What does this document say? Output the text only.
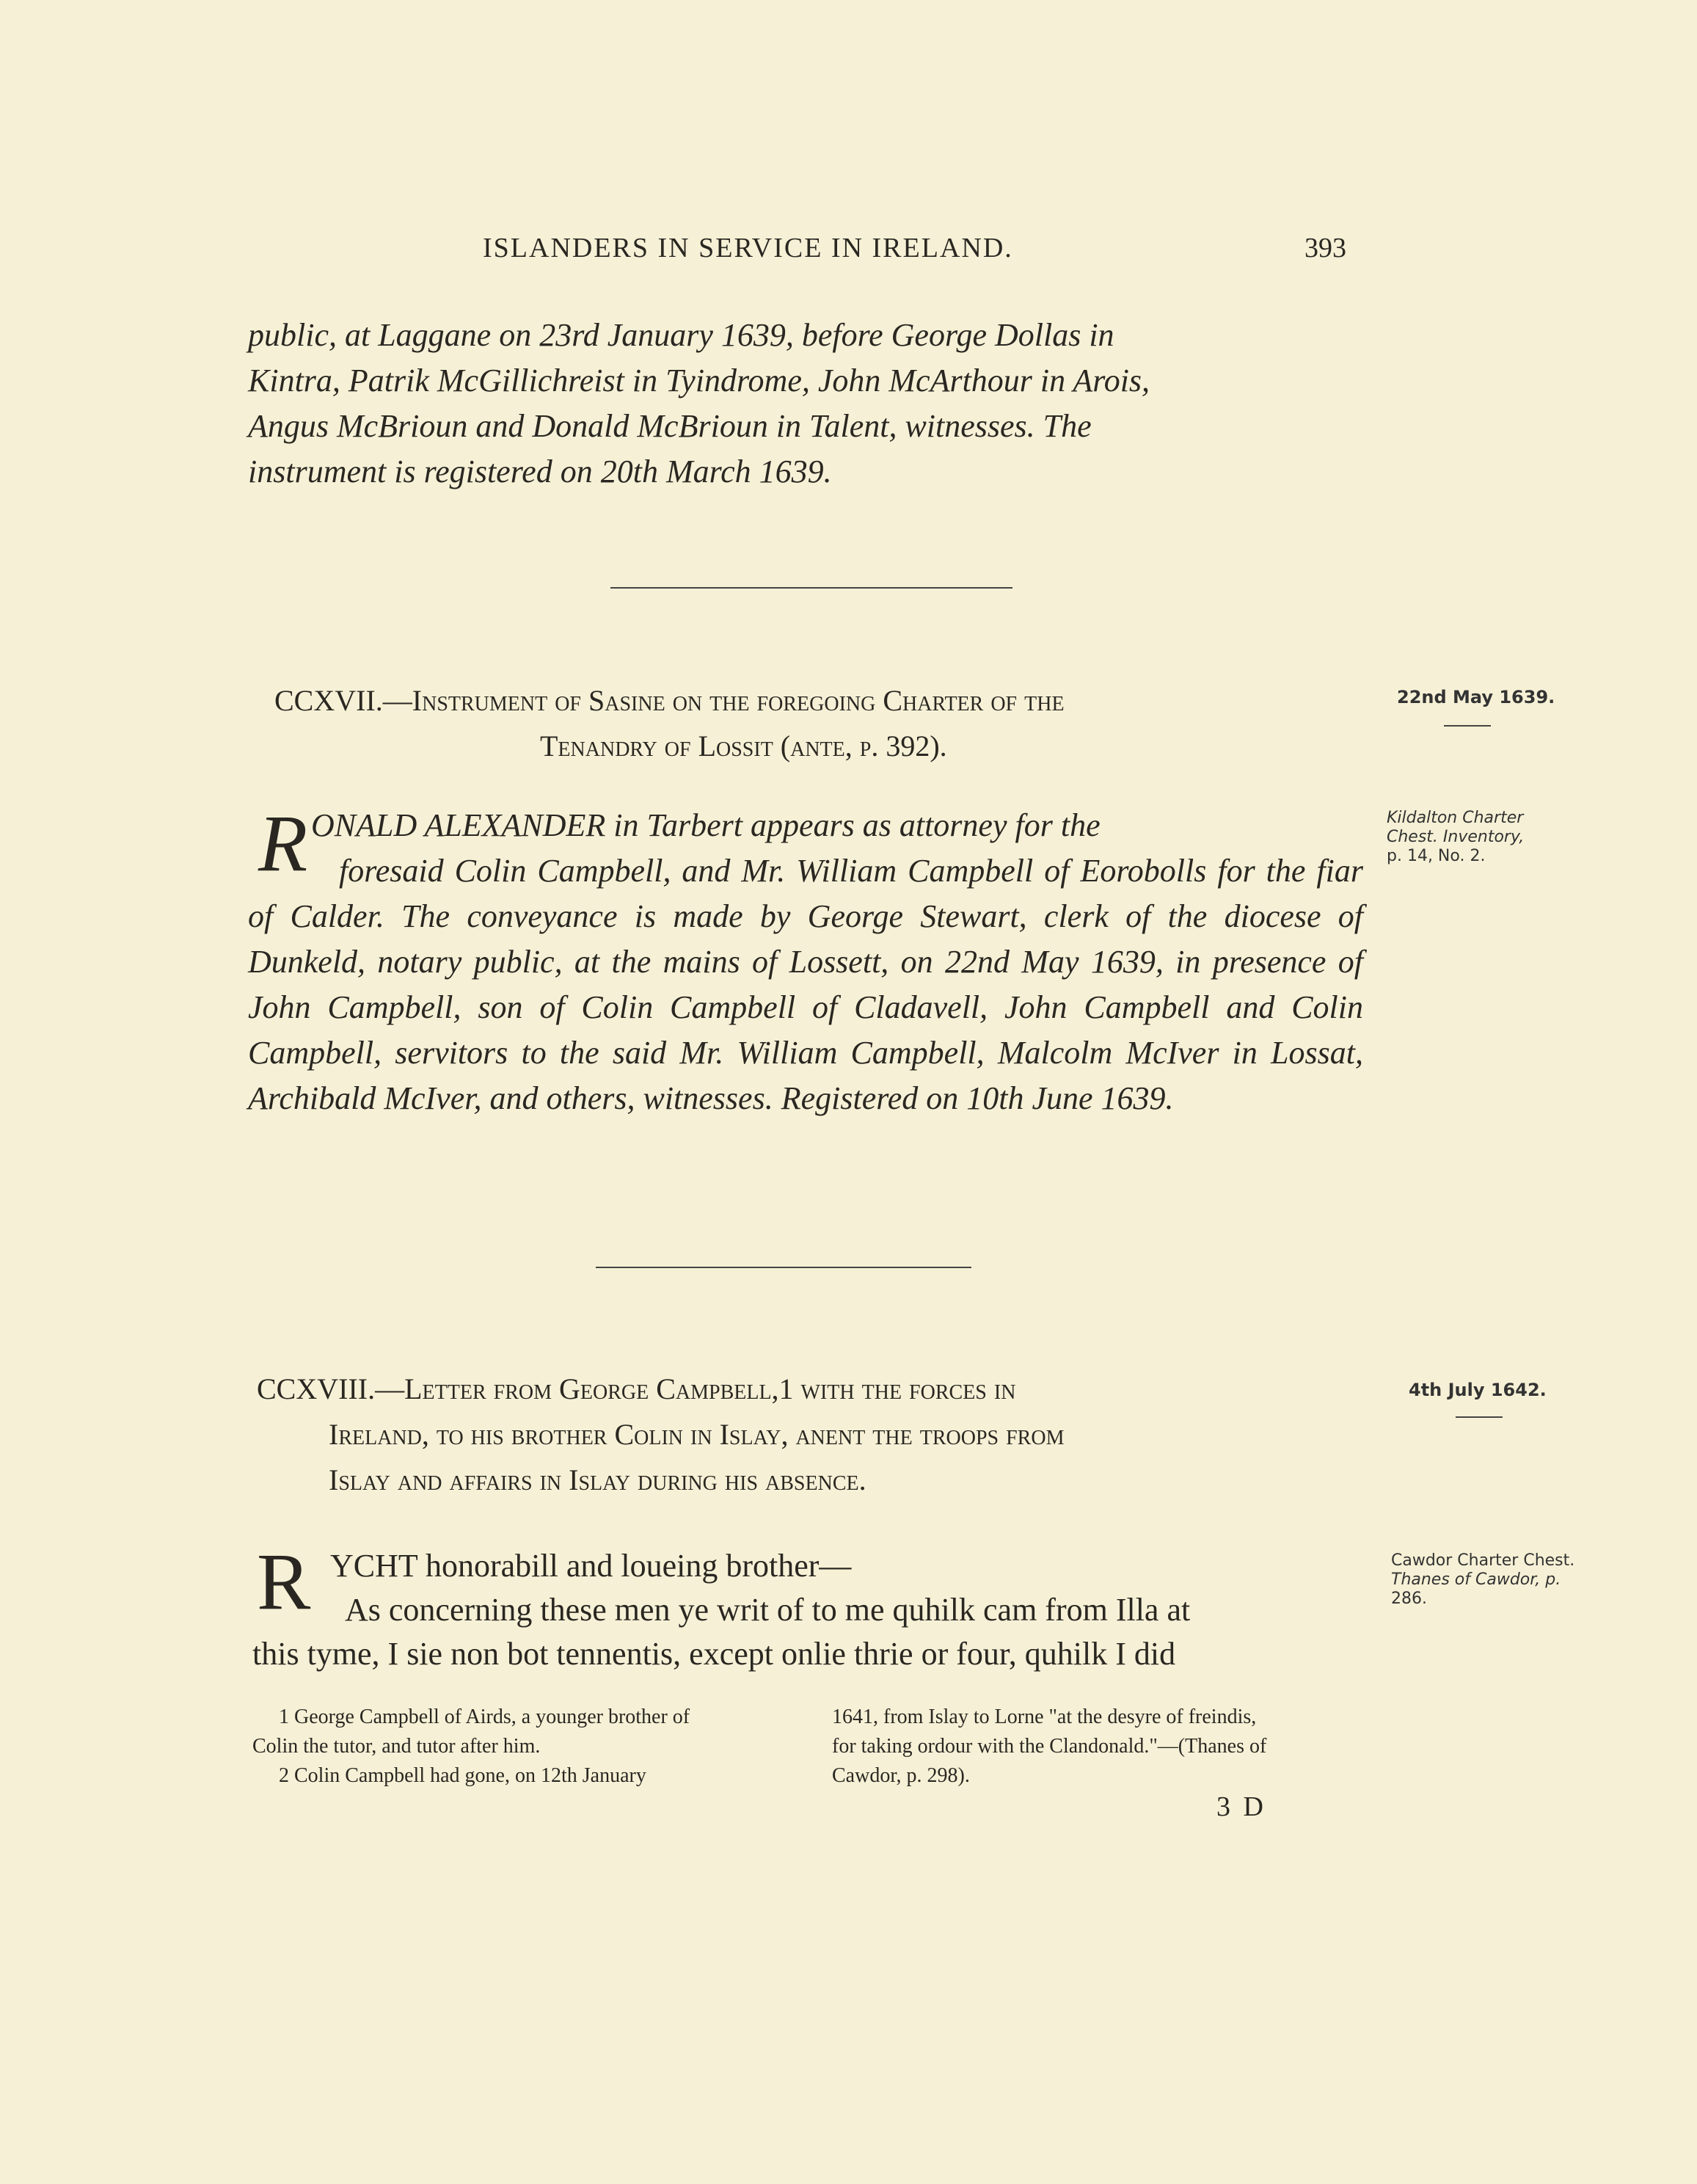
ISLANDERS IN SERVICE IN IRELAND.	393
public, at Laggane on 23rd January 1639, before George Dollas in
Kintra, Patrik McGillichreist in Tyindrome, John McArthour in Arois,
Angus McBrioun and Donald McBrioun in Talent, witnesses. The
instrument is registered on 20th March 1639.
CCXVII.—Instrument of Sasine on the foregoing Charter of the
Tenandry of Lossit (ante, p. 392).
22nd May 1639.
Kildalton Charter
Chest. Inventory,
p. 14, No. 2.
R ONALD ALEXANDER in Tarbert appears as attorney for the
foresaid Colin Campbell, and Mr. William Campbell of Eorobolls for the fiar of Calder. The conveyance is made by George Stewart, clerk of the diocese of Dunkeld, notary public, at the mains of Lossett, on 22nd May 1639, in presence of John Campbell, son of Colin Campbell of Cladavell, John Campbell and Colin Campbell, servitors to the said Mr. William Campbell, Malcolm McIver in Lossat, Archibald McIver, and others, witnesses. Registered on 10th June 1639.
CCXVIII.—Letter from George Campbell,1 with the forces in
Ireland, to his brother Colin in Islay, anent the troops from
Islay and affairs in Islay during his absence.
4th July 1642.
Cawdor Charter Chest.
Thanes of Cawdor, p.
286.
R YCHT honorabill and loueing brother—
As concerning these men ye writ of to me quhilk cam from Illa at
this tyme, I sie non bot tennentis, except onlie thrie or four, quhilk I did
1 George Campbell of Airds, a younger brother of
Colin the tutor, and tutor after him.
2 Colin Campbell had gone, on 12th January
1641, from Islay to Lorne "at the desyre of freindis,
for taking ordour with the Clandonald."—(Thanes of
Cawdor, p. 298).
3 D
